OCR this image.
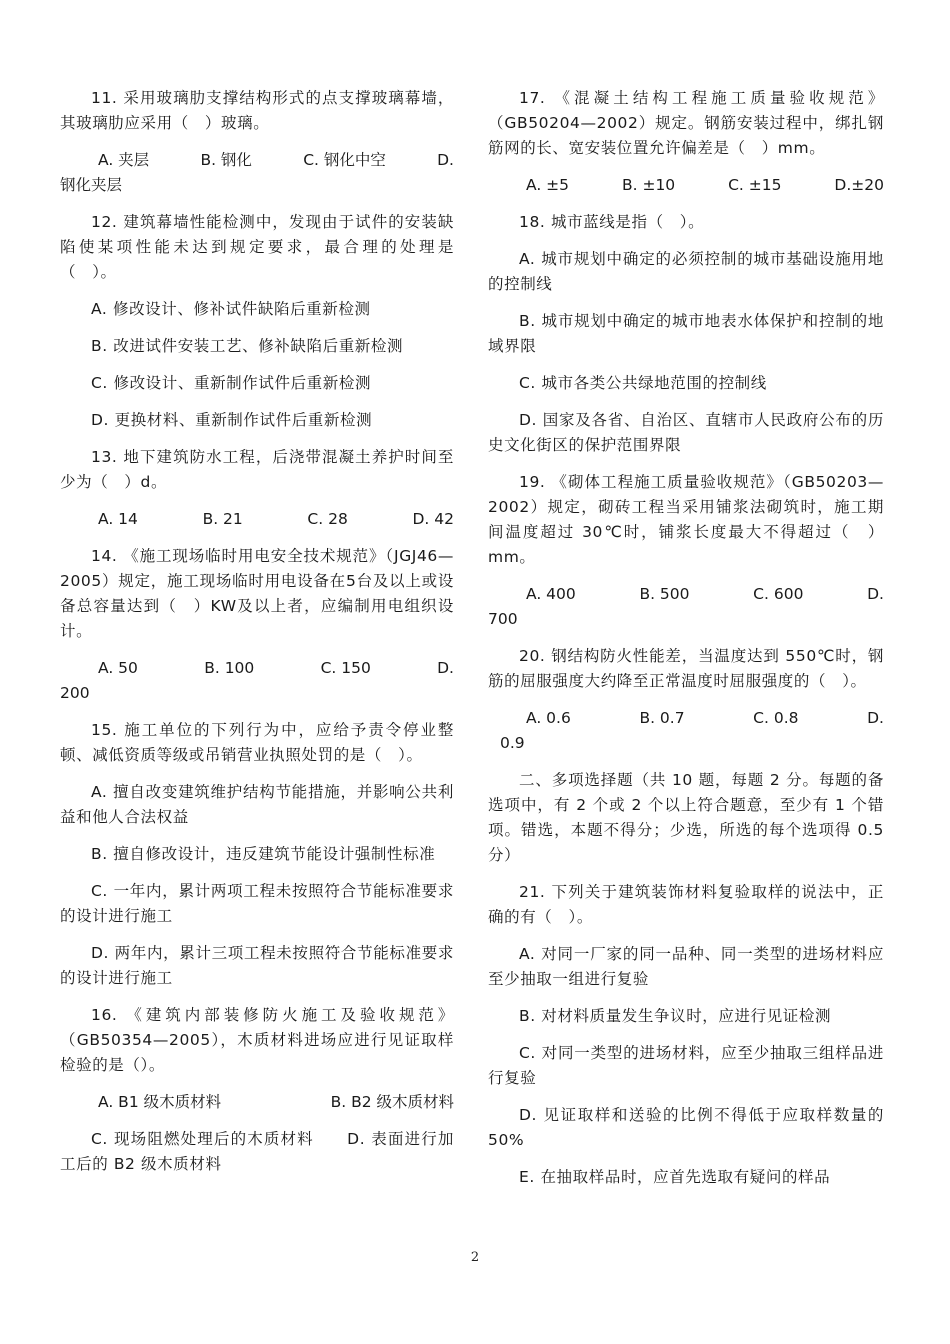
11. 采用玻璃肋支撑结构形式的点支撑玻璃幕墙，其玻璃肋应采用（　）玻璃。

A. 夹层	B. 钢化	C. 钢化中空	D.
钢化夹层

12. 建筑幕墙性能检测中，发现由于试件的安装缺陷使某项性能未达到规定要求，最合理的处理是（　）。

A. 修改设计、修补试件缺陷后重新检测

B. 改进试件安装工艺、修补缺陷后重新检测

C. 修改设计、重新制作试件后重新检测

D. 更换材料、重新制作试件后重新检测

13. 地下建筑防水工程，后浇带混凝土养护时间至少为（　）d。

A. 14	B. 21	C. 28	D. 42

14. 《施工现场临时用电安全技术规范》（JGJ46—2005）规定，施工现场临时用电设备在5台及以上或设备总容量达到（　）KW及以上者，应编制用电组织设计。

A. 50	B. 100	C. 150	D.
200

15. 施工单位的下列行为中，应给予责令停业整顿、减低资质等级或吊销营业执照处罚的是（　）。

A. 擅自改变建筑维护结构节能措施，并影响公共利益和他人合法权益

B. 擅自修改设计，违反建筑节能设计强制性标准

C. 一年内，累计两项工程未按照符合节能标准要求的设计进行施工

D. 两年内，累计三项工程未按照符合节能标准要求的设计进行施工

16. 《建筑内部装修防火施工及验收规范》（GB50354—2005），木质材料进场应进行见证取样检验的是（）。

A. B1 级木质材料	B. B2 级木质材料

C. 现场阻燃处理后的木质材料　　 D. 表面进行加工后的 B2 级木质材料

17. 《混凝土结构工程施工质量验收规范》（GB50204—2002）规定。钢筋安装过程中，绑扎钢筋网的长、宽安装位置允许偏差是（　）mm。

A. ±5	B. ±10	C. ±15	D.±20

18. 城市蓝线是指（　）。

A. 城市规划中确定的必须控制的城市基础设施用地的控制线

B. 城市规划中确定的城市地表水体保护和控制的地域界限

C. 城市各类公共绿地范围的控制线

D. 国家及各省、自治区、直辖市人民政府公布的历史文化街区的保护范围界限

19. 《砌体工程施工质量验收规范》（GB50203—2002）规定，砌砖工程当采用铺浆法砌筑时，施工期间温度超过 30℃时，铺浆长度最大不得超过（　）mm。

A. 400	B. 500	C. 600	D.
700

20. 钢结构防火性能差，当温度达到 550℃时，钢筋的屈服强度大约降至正常温度时屈服强度的（　）。

A. 0.6	B. 0.7	C. 0.8	D.
0.9

二、多项选择题（共 10 题，每题 2 分。每题的备选项中，有 2 个或 2 个以上符合题意，至少有 1 个错项。错选，本题不得分；少选，所选的每个选项得 0.5 分）

21. 下列关于建筑装饰材料复验取样的说法中，正确的有（　）。

A. 对同一厂家的同一品种、同一类型的进场材料应至少抽取一组进行复验

B. 对材料质量发生争议时，应进行见证检测

C. 对同一类型的进场材料，应至少抽取三组样品进行复验

D. 见证取样和送验的比例不得低于应取样数量的 50%

E. 在抽取样品时，应首先选取有疑问的样品

2
